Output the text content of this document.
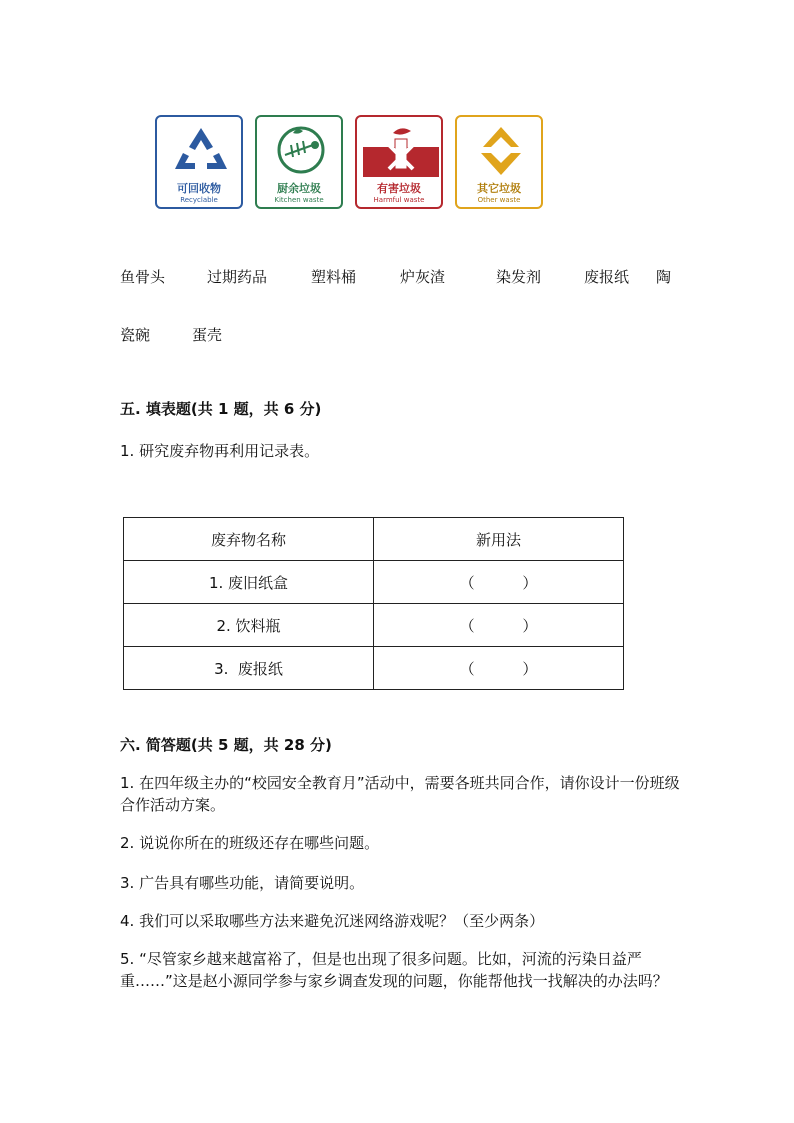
可回收物
Recyclable
厨余垃圾
Kitchen waste
有害垃圾
Harmful waste
其它垃圾
Other waste
鱼骨头	过期药品	塑料桶	炉灰渣	染发剂	废报纸 陶
瓷碗	蛋壳
五. 填表题(共 1 题，共 6 分)
1. 研究废弃物再利用记录表。
废弃物名称	新用法
1. 废旧纸盒	（          ）
2. 饮料瓶	（          ）
3.  废报纸	（          ）
六. 简答题(共 5 题，共 28 分)
1. 在四年级主办的“校园安全教育月”活动中，需要各班共同合作，请你设计一份班级合作活动方案。
2. 说说你所在的班级还存在哪些问题。
3. 广告具有哪些功能，请简要说明。
4. 我们可以采取哪些方法来避免沉迷网络游戏呢？（至少两条）
5. “尽管家乡越来越富裕了，但是也出现了很多问题。比如，河流的污染日益严重……”这是赵小源同学参与家乡调查发现的问题，你能帮他找一找解决的办法吗？
